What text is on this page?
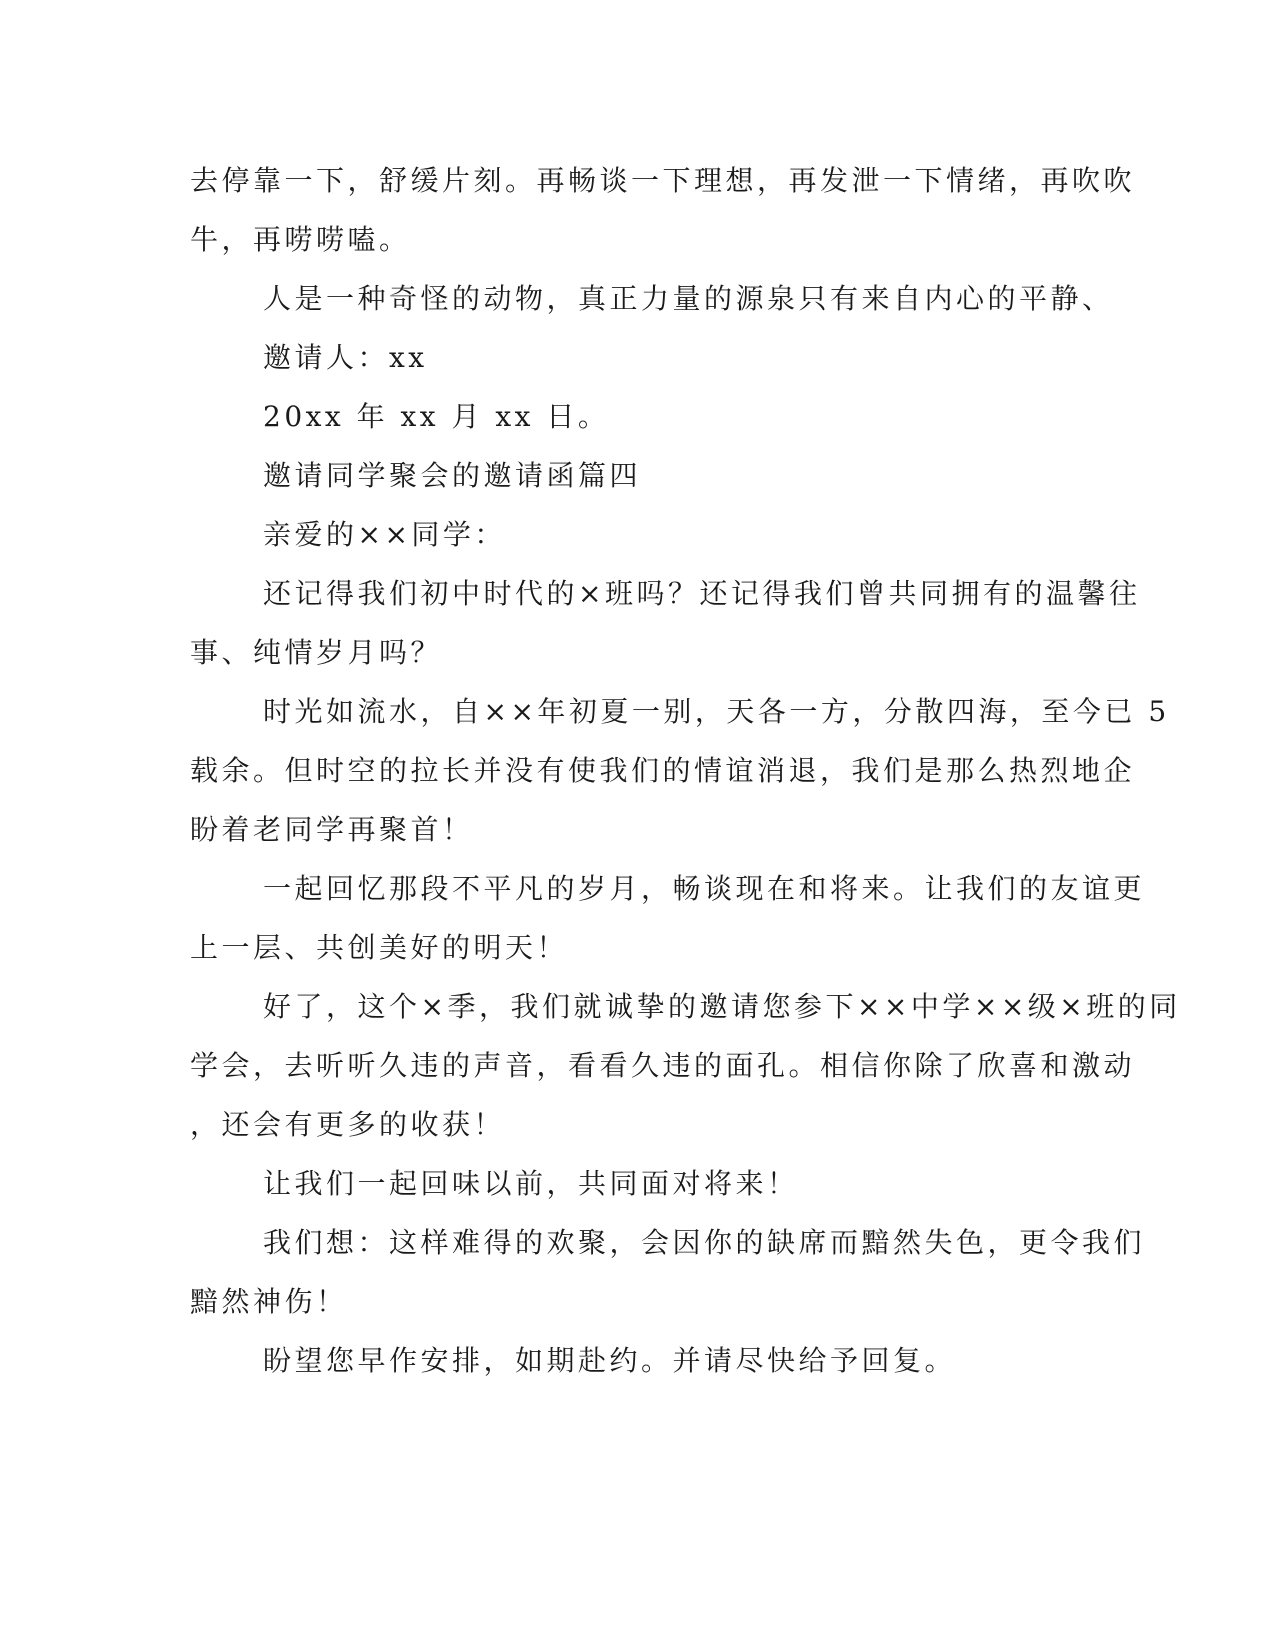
去停靠一下，舒缓片刻。再畅谈一下理想，再发泄一下情绪，再吹吹
牛，再唠唠嗑。
人是一种奇怪的动物，真正力量的源泉只有来自内心的平静、
邀请人：xx
20xx 年 xx 月 xx 日。
邀请同学聚会的邀请函篇四
亲爱的××同学：
还记得我们初中时代的×班吗？还记得我们曾共同拥有的温馨往
事、纯情岁月吗？
时光如流水，自××年初夏一别，天各一方，分散四海，至今已 5
载余。但时空的拉长并没有使我们的情谊消退，我们是那么热烈地企
盼着老同学再聚首！
一起回忆那段不平凡的岁月，畅谈现在和将来。让我们的友谊更
上一层、共创美好的明天！
好了，这个×季，我们就诚挚的邀请您参下××中学××级×班的同
学会，去听听久违的声音，看看久违的面孔。相信你除了欣喜和激动
，还会有更多的收获！
让我们一起回味以前，共同面对将来！
我们想：这样难得的欢聚，会因你的缺席而黯然失色，更令我们
黯然神伤！
盼望您早作安排，如期赴约。并请尽快给予回复。
